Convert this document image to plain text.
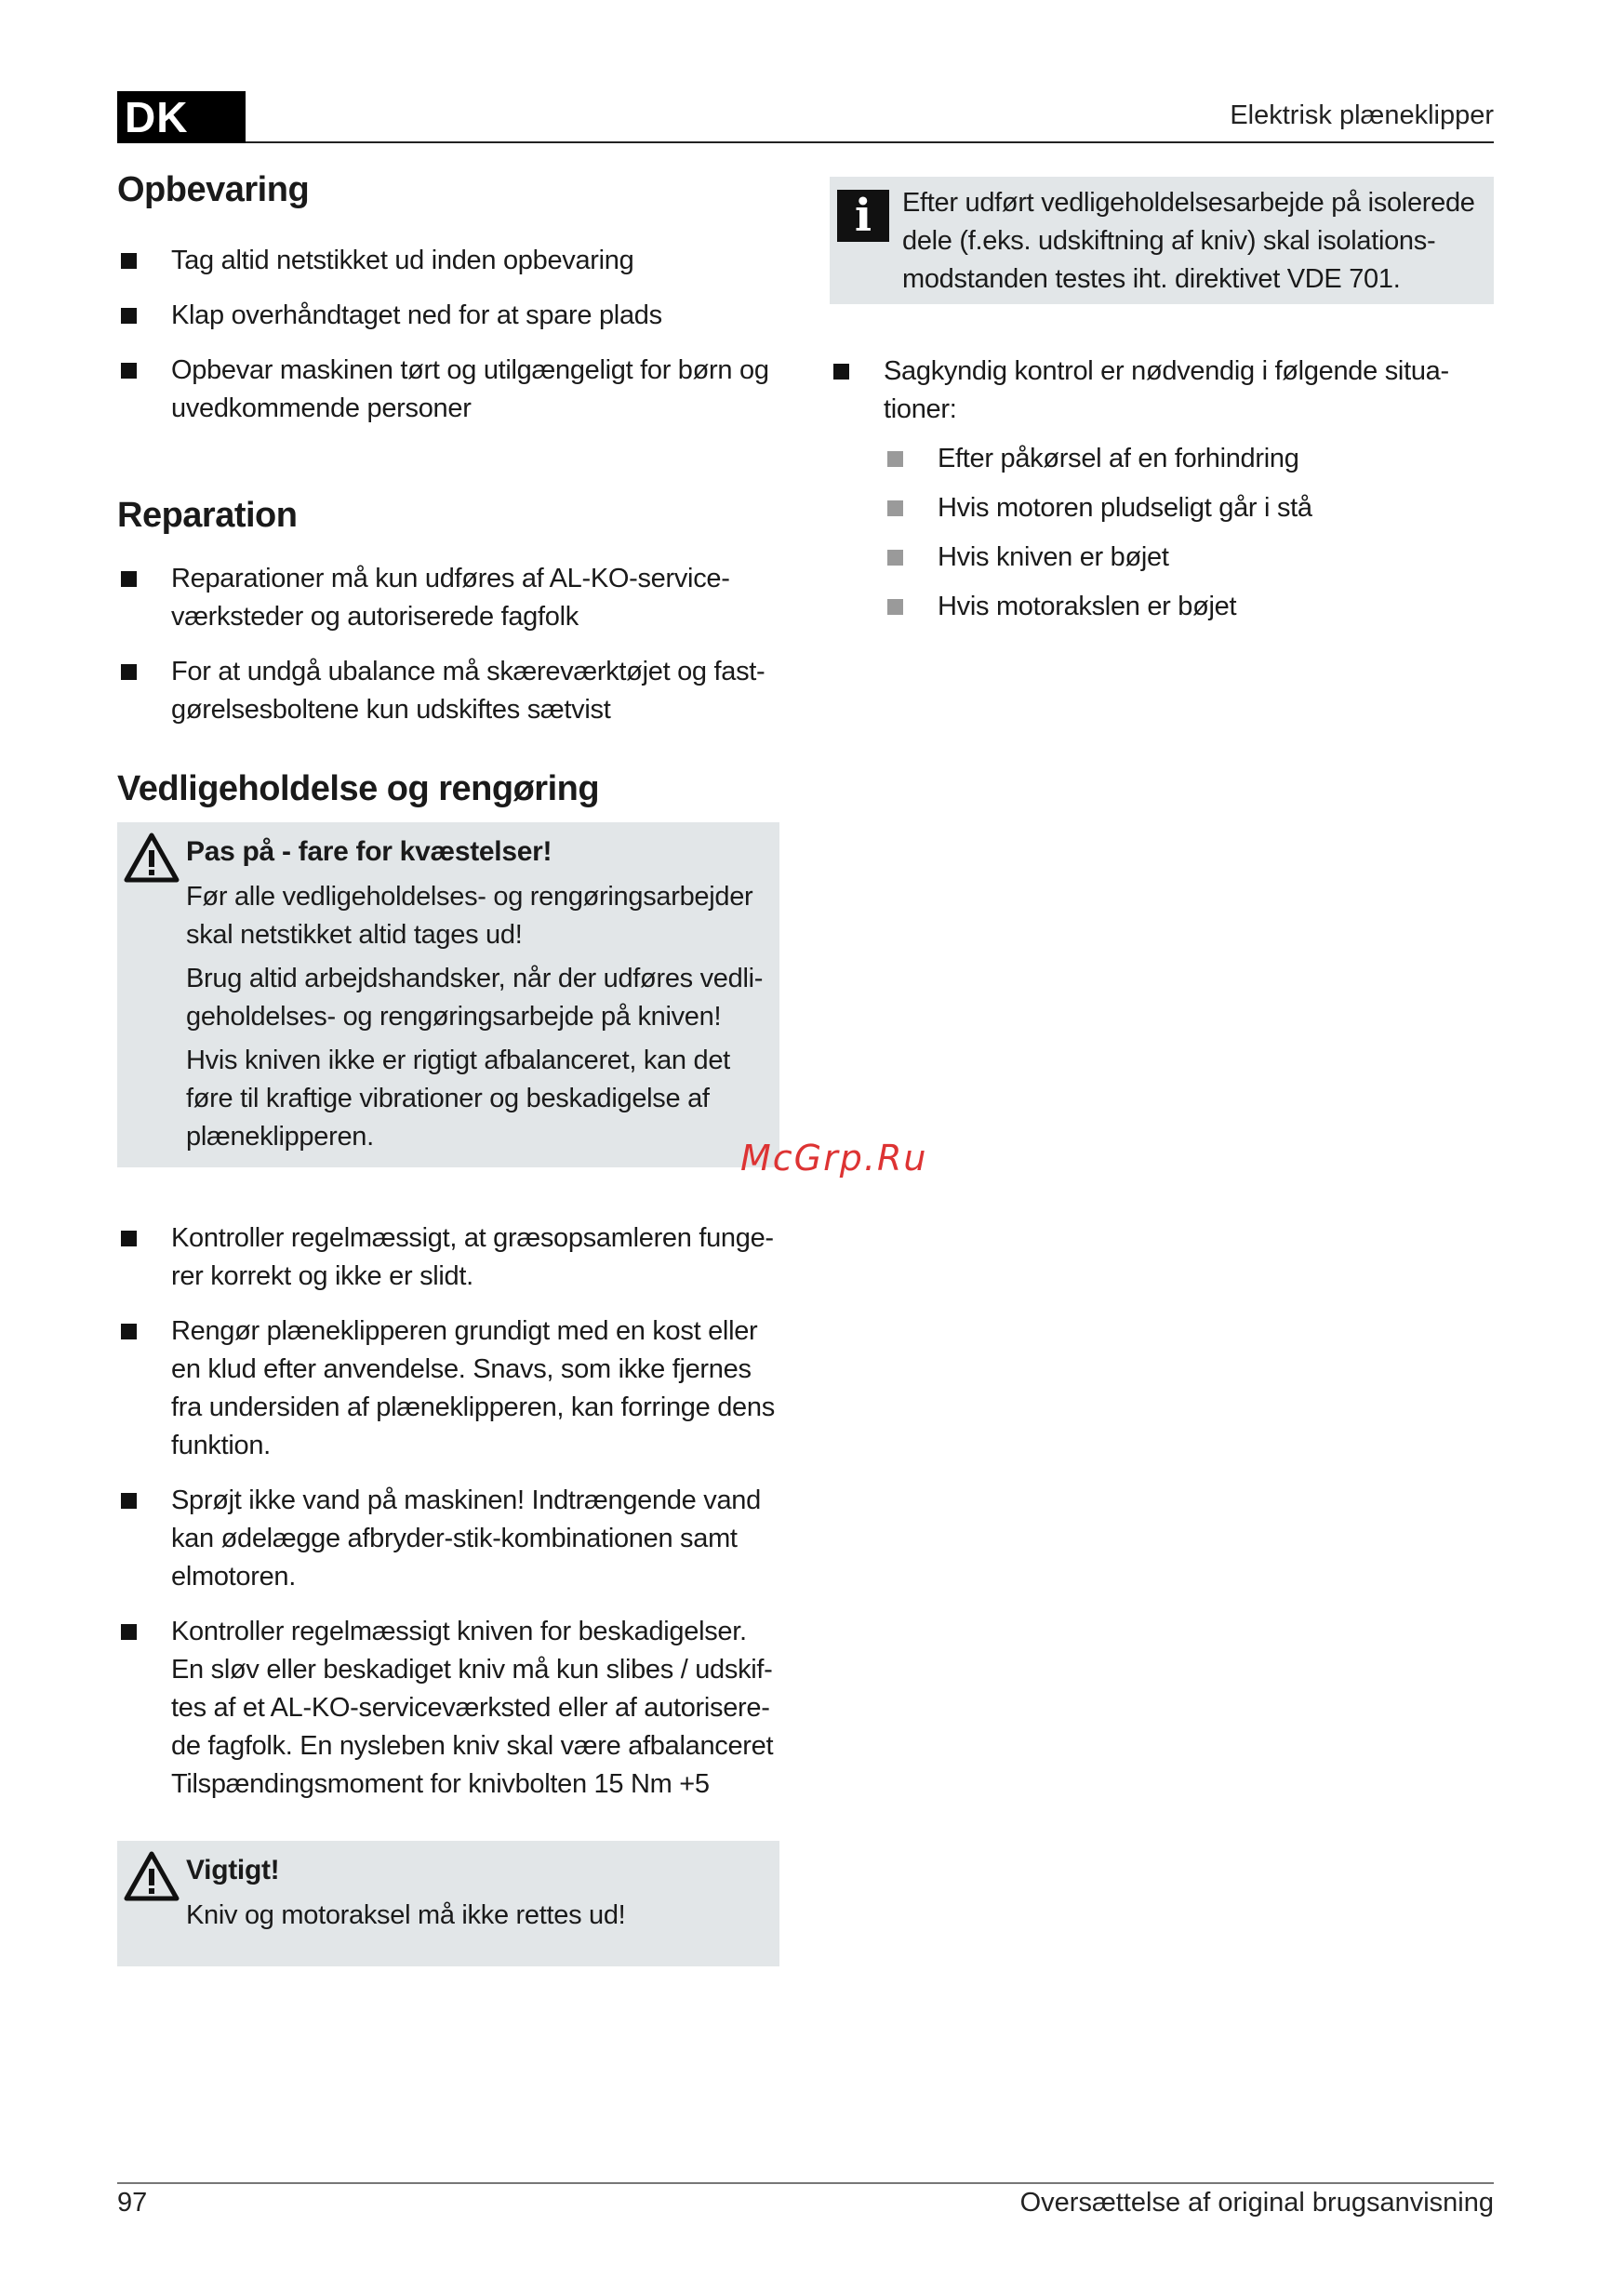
DK	Elektrisk plæneklipper
Opbevaring
Tag altid netstikket ud inden opbevaring
Klap overhåndtaget ned for at spare plads
Opbevar maskinen tørt og utilgængeligt for børn og uvedkommende personer
Reparation
Reparationer må kun udføres af AL-KO-service-værksteder og autoriserede fagfolk
For at undgå ubalance må skæreværktøjet og fast-gørelsesboltene kun udskiftes sætvist
Vedligeholdelse og rengøring
Pas på - fare for kvæstelser!

Før alle vedligeholdelses- og rengøringsarbejder skal netstikket altid tages ud!

Brug altid arbejdshandsker, når der udføres vedli-geholdelses- og rengøringsarbejde på kniven!

Hvis kniven ikke er rigtigt afbalanceret, kan det føre til kraftige vibrationer og beskadigelse af plæneklipperen.

Kontroller regelmæssigt, at græsopsamleren funge-rer korrekt og ikke er slidt.
Rengør plæneklipperen grundigt med en kost eller en klud efter anvendelse. Snavs, som ikke fjernes fra undersiden af plæneklipperen, kan forringe dens funktion.
Sprøjt ikke vand på maskinen! Indtrængende vand kan ødelægge afbryder-stik-kombinationen samt elmotoren.
Kontroller regelmæssigt kniven for beskadigelser. En sløv eller beskadiget kniv må kun slibes / udskif-tes af et AL-KO-serviceværksted eller af autorisere-de fagfolk. En nysleben kniv skal være afbalanceret Tilspændingsmoment for knivbolten 15 Nm +5
Vigtigt!

Kniv og motoraksel må ikke rettes ud!

i	Efter udført vedligeholdelsesarbejde på isolerede dele (f.eks. udskiftning af kniv) skal isolations-modstanden testes iht. direktivet VDE 701.

Sagkyndig kontrol er nødvendig i følgende situa-tioner:
Efter påkørsel af en forhindring
Hvis motoren pludseligt går i stå
Hvis kniven er bøjet
Hvis motorakslen er bøjet
McGrp.Ru
97	Oversættelse af original brugsanvisning
